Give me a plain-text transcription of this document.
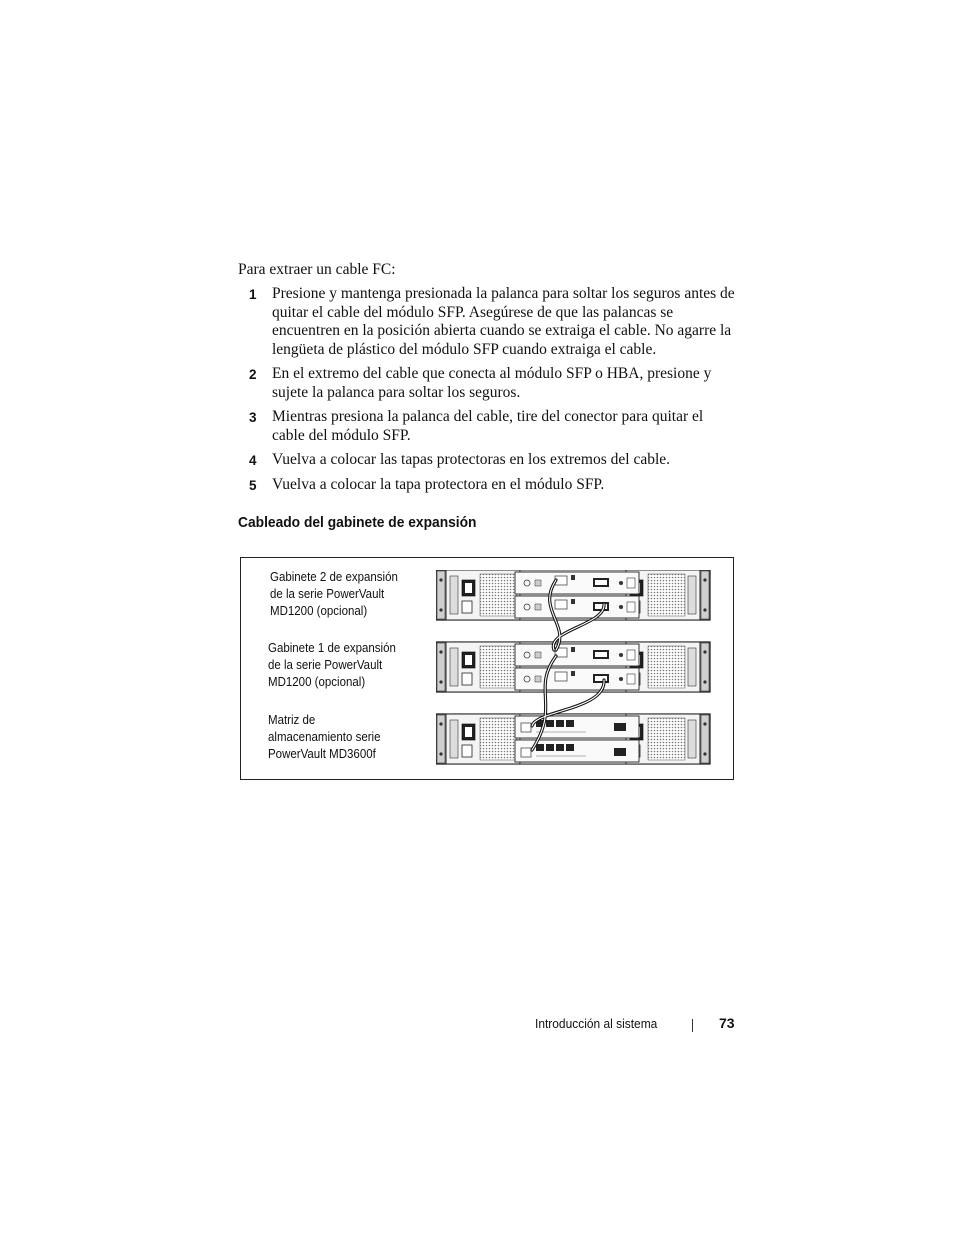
Para extraer un cable FC:

1 Presione y mantenga presionada la palanca para soltar los seguros antes de quitar el cable del módulo SFP. Asegúrese de que las palancas se encuentren en la posición abierta cuando se extraiga el cable. No agarre la lengüeta de plástico del módulo SFP cuando extraiga el cable.
2 En el extremo del cable que conecta al módulo SFP o HBA, presione y sujete la palanca para soltar los seguros.
3 Mientras presiona la palanca del cable, tire del conector para quitar el cable del módulo SFP.
4 Vuelva a colocar las tapas protectoras en los extremos del cable.
5 Vuelva a colocar la tapa protectora en el módulo SFP.
Cableado del gabinete de expansión
Gabinete 2 de expansión
de la serie PowerVault
MD1200 (opcional)
Gabinete 1 de expansión
de la serie PowerVault
MD1200 (opcional)
Matriz de
almacenamiento serie
PowerVault MD3600f
Introducción al sistema	73
